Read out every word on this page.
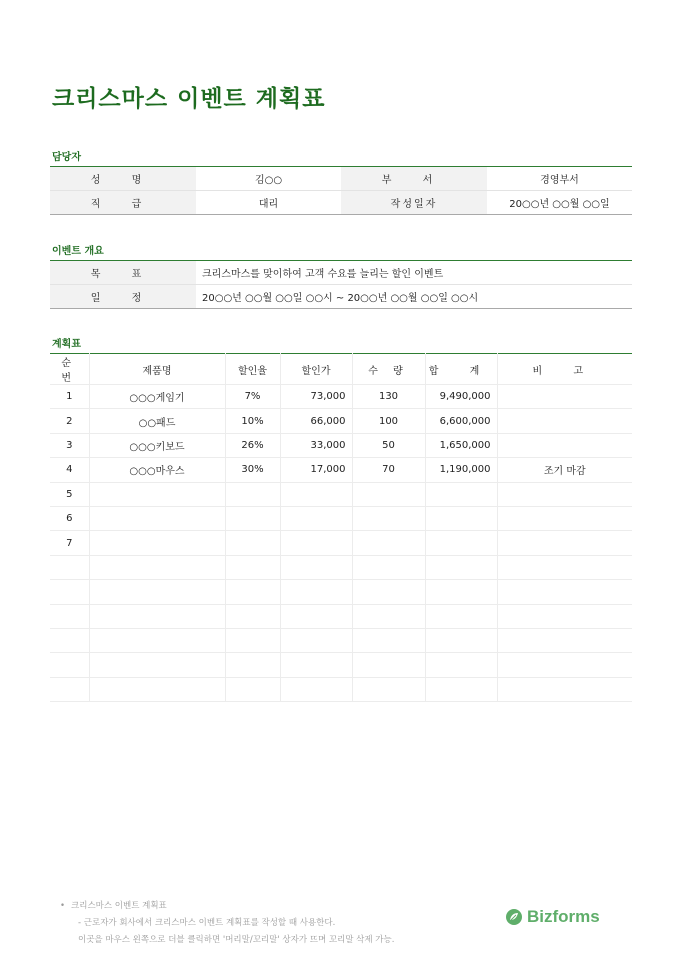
크리스마스 이벤트 계획표
담당자
성 명	김○○	부 서	경영부서
직 급	대리	작성일자	20○○년 ○○월 ○○일
이벤트 개요
목 표	크리스마스를 맞이하여 고객 수요를 늘리는 할인 이벤트
일 정	20○○년 ○○월 ○○일 ○○시 ~ 20○○년 ○○월 ○○일 ○○시
계획표
순 번	제품명	할인율	할인가	수 량	합 계	비 고
1	○○○게임기	7%	73,000	130	9,490,000	
2	○○패드	10%	66,000	100	6,600,000	
3	○○○키보드	26%	33,000	50	1,650,000	
4	○○○마우스	30%	17,000	70	1,190,000	조기 마감
5						
6						
7						

• 크리스마스 이벤트 계획표
- 근로자가 회사에서 크리스마스 이벤트 계획표를 작성할 때 사용한다.
이곳을 마우스 왼쪽으로 더블 클릭하면 '머리말/꼬리말' 상자가 뜨며 꼬리말 삭제 가능.
Bizforms
